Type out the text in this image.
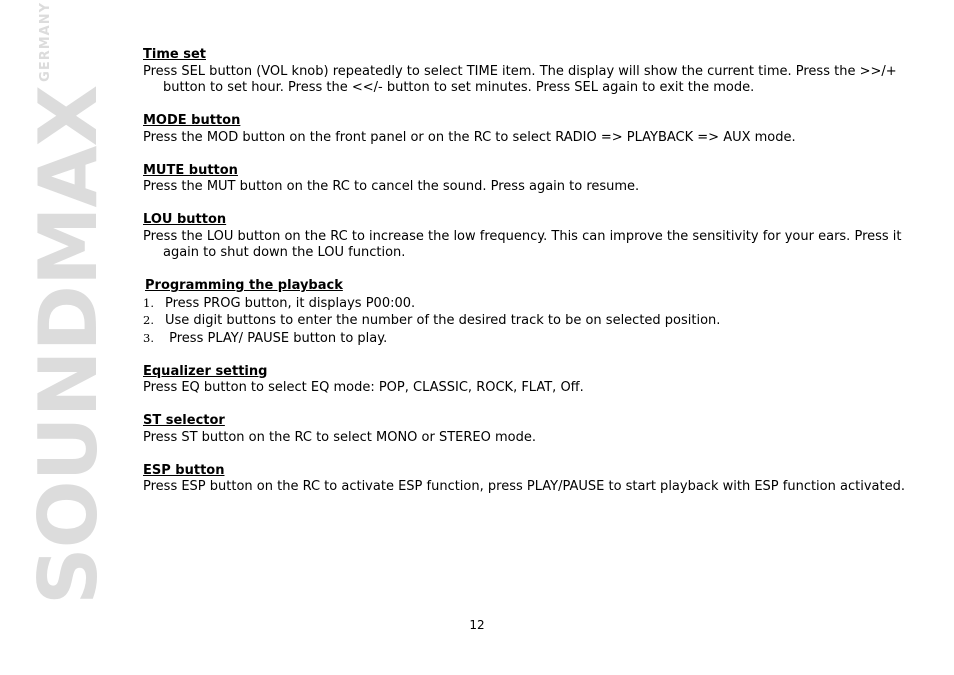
SOUNDMAXGERMANY	Time set
Press SEL button (VOL knob) repeatedly to select TIME item. The display will show the current time. Press the >>/+ button to set hour. Press the <</- button to set minutes. Press SEL again to exit the mode.
MODE button
Press the MOD button on the front panel or on the RC to select RADIO => PLAYBACK => AUX mode.
MUTE button
Press the MUT button on the RC to cancel the sound. Press again to resume.
LOU button
Press the LOU button on the RC to increase the low frequency. This can improve the sensitivity for your ears. Press it again to shut down the LOU function.
Programming the playback
1. Press PROG button, it displays P00:00.
2. Use digit buttons to enter the number of the desired track to be on selected position.
3. Press PLAY/ PAUSE button to play.
Equalizer setting
Press EQ button to select EQ mode: POP, CLASSIC, ROCK, FLAT, Off.
ST selector
Press ST button on the RC to select MONO or STEREO mode.
ESP button
Press ESP button on the RC to activate ESP function, press PLAY/PAUSE to start playback with ESP function activated.
12
